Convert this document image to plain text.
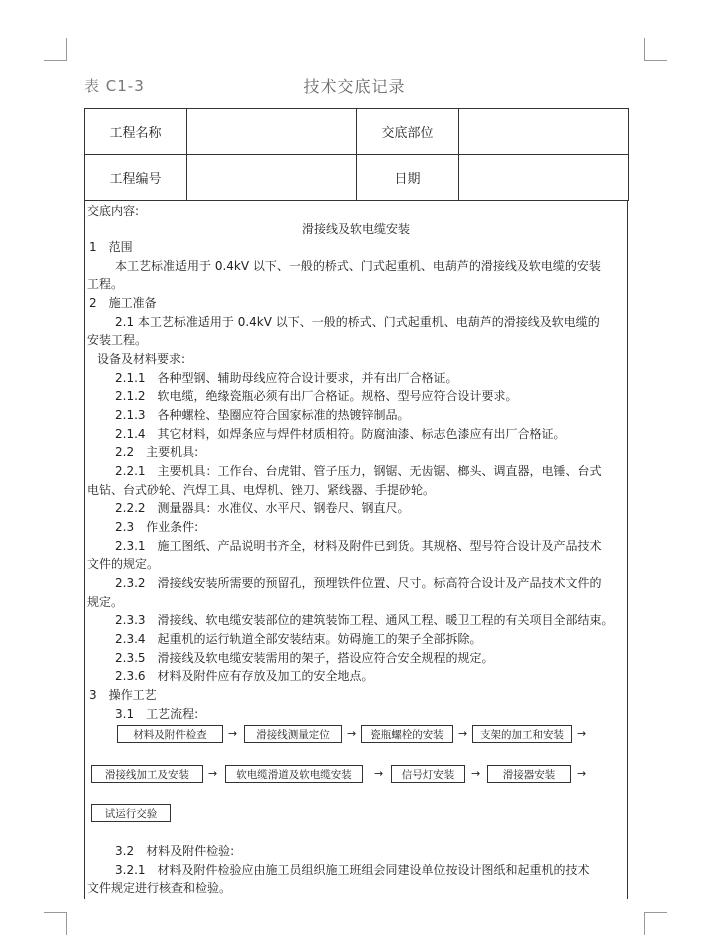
表 C1-3	技术交底记录
工程名称		交底部位	
工程编号		日期	
交底内容:
滑接线及软电缆安装
1　范围
本工艺标准适用于 0.4kV 以下、一般的桥式、门式起重机、电葫芦的滑接线及软电缆的安装
工程。
2　施工准备
2.1 本工艺标准适用于 0.4kV 以下、一般的桥式、门式起重机、电葫芦的滑接线及软电缆的
安装工程。
设备及材料要求:
2.1.1　各种型钢、辅助母线应符合设计要求，并有出厂合格证。
2.1.2　软电缆，绝缘瓷瓶必须有出厂合格证。规格、型号应符合设计要求。
2.1.3　各种螺栓、垫圈应符合国家标准的热镀锌制品。
2.1.4　其它材料，如焊条应与焊件材质相符。防腐油漆、标志色漆应有出厂合格证。
2.2　主要机具:
2.2.1　主要机具：工作台、台虎钳、管子压力，钢锯、无齿锯、榔头、调直器，电锤、台式
电钻、台式砂轮、汽焊工具、电焊机、锉刀、紧线器、手提砂轮。
2.2.2　测量器具：水准仪、水平尺、钢卷尺、钢直尺。
2.3　作业条件:
2.3.1　施工图纸、产品说明书齐全，材料及附件已到货。其规格、型号符合设计及产品技术
文件的规定。
2.3.2　滑接线安装所需要的预留孔，预埋铁件位置、尺寸。标高符合设计及产品技术文件的
规定。
2.3.3　滑接线、软电缆安装部位的建筑装饰工程、通风工程、暖卫工程的有关项目全部结束。
2.3.4　起重机的运行轨道全部安装结束。妨碍施工的架子全部拆除。
2.3.5　滑接线及软电缆安装需用的架子，搭设应符合安全规程的规定。
2.3.6　材料及附件应有存放及加工的安全地点。
3　操作工艺
3.1　工艺流程:
材料及附件检查	→	滑接线测量定位	→	瓷瓶螺栓的安装	→	支架的加工和安装	→
滑接线加工及安装	→	软电缆滑道及软电缆安装	→	信号灯安装	→	滑接器安装	→
试运行交验
3.2　材料及附件检验:
3.2.1　材料及附件检验应由施工员组织施工班组会同建设单位按设计图纸和起重机的技术
文件规定进行核查和检验。
